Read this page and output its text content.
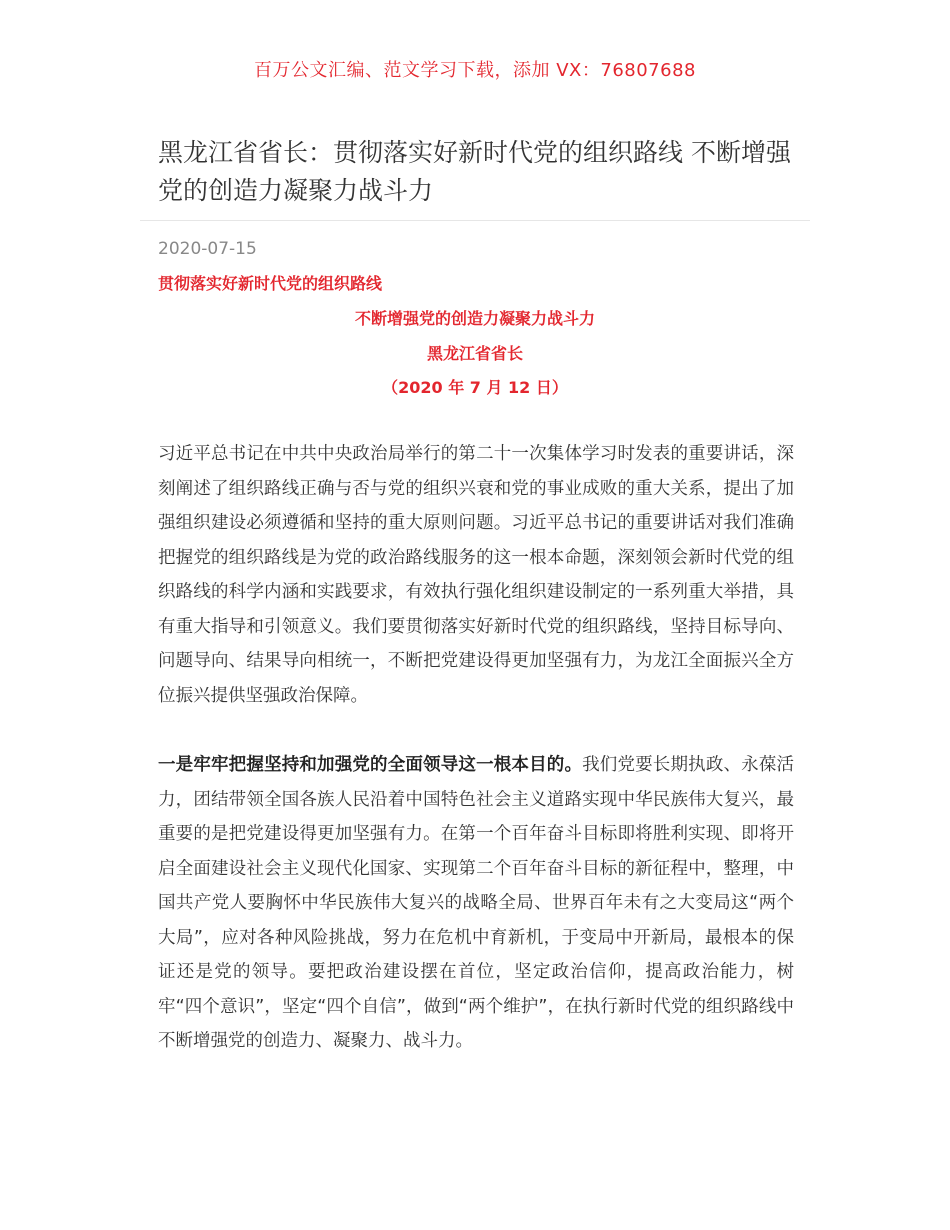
百万公文汇编、范文学习下载，添加 VX：76807688
黑龙江省省长：贯彻落实好新时代党的组织路线 不断增强党的创造力凝聚力战斗力
2020-07-15
贯彻落实好新时代党的组织路线
不断增强党的创造力凝聚力战斗力
黑龙江省省长
（2020 年 7 月 12 日）

习近平总书记在中共中央政治局举行的第二十一次集体学习时发表的重要讲话，深刻阐述了组织路线正确与否与党的组织兴衰和党的事业成败的重大关系，提出了加强组织建设必须遵循和坚持的重大原则问题。习近平总书记的重要讲话对我们准确把握党的组织路线是为党的政治路线服务的这一根本命题，深刻领会新时代党的组织路线的科学内涵和实践要求，有效执行强化组织建设制定的一系列重大举措，具有重大指导和引领意义。我们要贯彻落实好新时代党的组织路线，坚持目标导向、问题导向、结果导向相统一，不断把党建设得更加坚强有力，为龙江全面振兴全方位振兴提供坚强政治保障。

一是牢牢把握坚持和加强党的全面领导这一根本目的。我们党要长期执政、永葆活力，团结带领全国各族人民沿着中国特色社会主义道路实现中华民族伟大复兴，最重要的是把党建设得更加坚强有力。在第一个百年奋斗目标即将胜利实现、即将开启全面建设社会主义现代化国家、实现第二个百年奋斗目标的新征程中，整理，中国共产党人要胸怀中华民族伟大复兴的战略全局、世界百年未有之大变局这“两个大局”，应对各种风险挑战，努力在危机中育新机，于变局中开新局，最根本的保证还是党的领导。要把政治建设摆在首位，坚定政治信仰，提高政治能力，树牢“四个意识”，坚定“四个自信”，做到“两个维护”，在执行新时代党的组织路线中不断增强党的创造力、凝聚力、战斗力。
